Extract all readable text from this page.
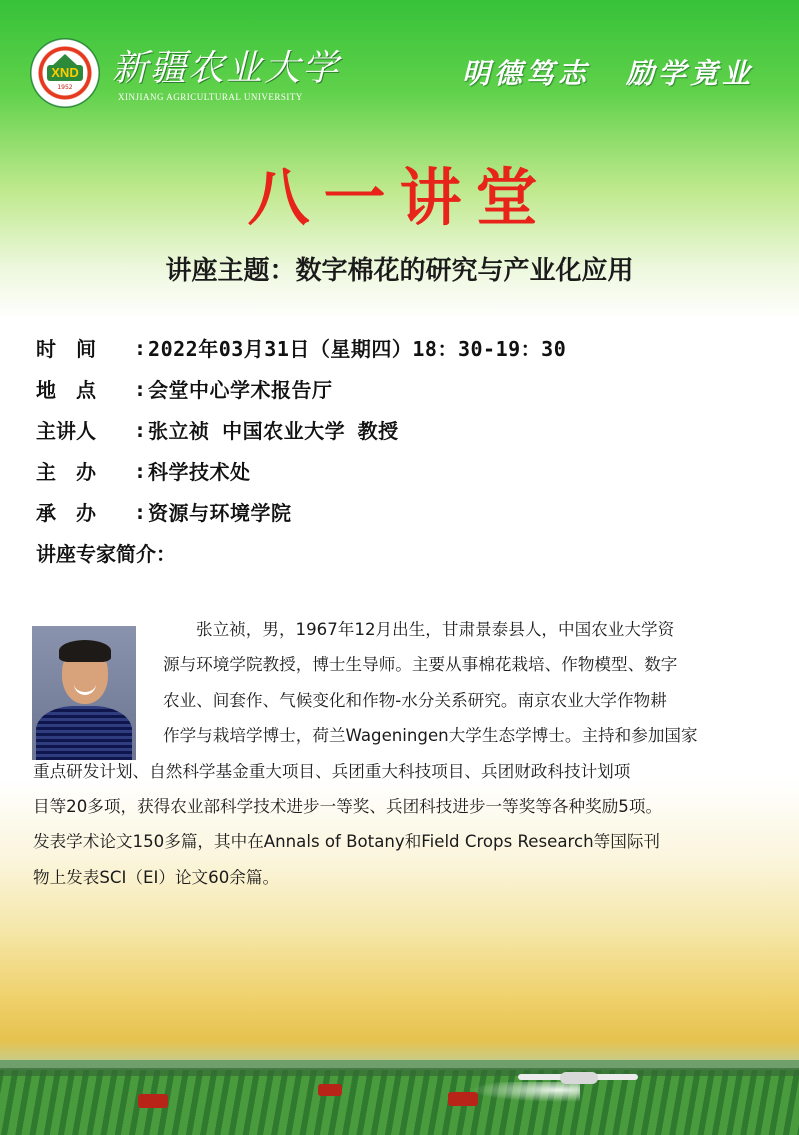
XND
1952 新疆农业大学
XINJIANG AGRICULTURAL UNIVERSITY
明德笃志 励学竟业
八一讲堂
讲座主题：数字棉花的研究与产业化应用
时　间	: 2022年03月31日（星期四）18：30-19：30
地　点	: 会堂中心学术报告厅
主讲人	: 张立祯 中国农业大学 教授
主　办	: 科学技术处
承　办	: 资源与环境学院
讲座专家简介：
张立祯，男，1967年12月出生，甘肃景泰县人，中国农业大学资
源与环境学院教授，博士生导师。主要从事棉花栽培、作物模型、数字
农业、间套作、气候变化和作物-水分关系研究。南京农业大学作物耕
作学与栽培学博士，荷兰Wageningen大学生态学博士。主持和参加国家
重点研发计划、自然科学基金重大项目、兵团重大科技项目、兵团财政科技计划项
目等20多项，获得农业部科学技术进步一等奖、兵团科技进步一等奖等各种奖励5项。
发表学术论文150多篇，其中在Annals of Botany和Field Crops Research等国际刊
物上发表SCI（EI）论文60余篇。
